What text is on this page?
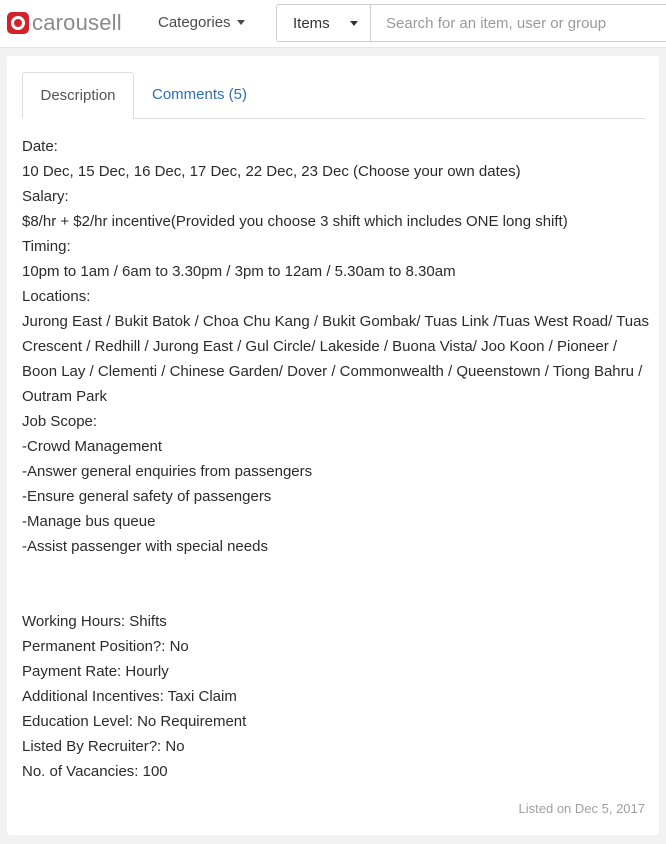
carousell Categories	Items
Search for an item, user or group
Description	Comments (5)
Date:
10 Dec, 15 Dec, 16 Dec, 17 Dec, 22 Dec, 23 Dec (Choose your own dates)
Salary:
$8/hr + $2/hr incentive(Provided you choose 3 shift which includes ONE long shift)
Timing:
10pm to 1am / 6am to 3.30pm / 3pm to 12am / 5.30am to 8.30am
Locations:
Jurong East / Bukit Batok / Choa Chu Kang / Bukit Gombak/ Tuas Link /Tuas West Road/ Tuas Crescent / Redhill / Jurong East / Gul Circle/ Lakeside / Buona Vista/ Joo Koon / Pioneer / Boon Lay / Clementi / Chinese Garden/ Dover / Commonwealth / Queenstown / Tiong Bahru / Outram Park
Job Scope:
-Crowd Management
-Answer general enquiries from passengers
-Ensure general safety of passengers
-Manage bus queue
-Assist passenger with special needs
Working Hours: Shifts
Permanent Position?: No
Payment Rate: Hourly
Additional Incentives: Taxi Claim
Education Level: No Requirement
Listed By Recruiter?: No
No. of Vacancies: 100
Listed on Dec 5, 2017
